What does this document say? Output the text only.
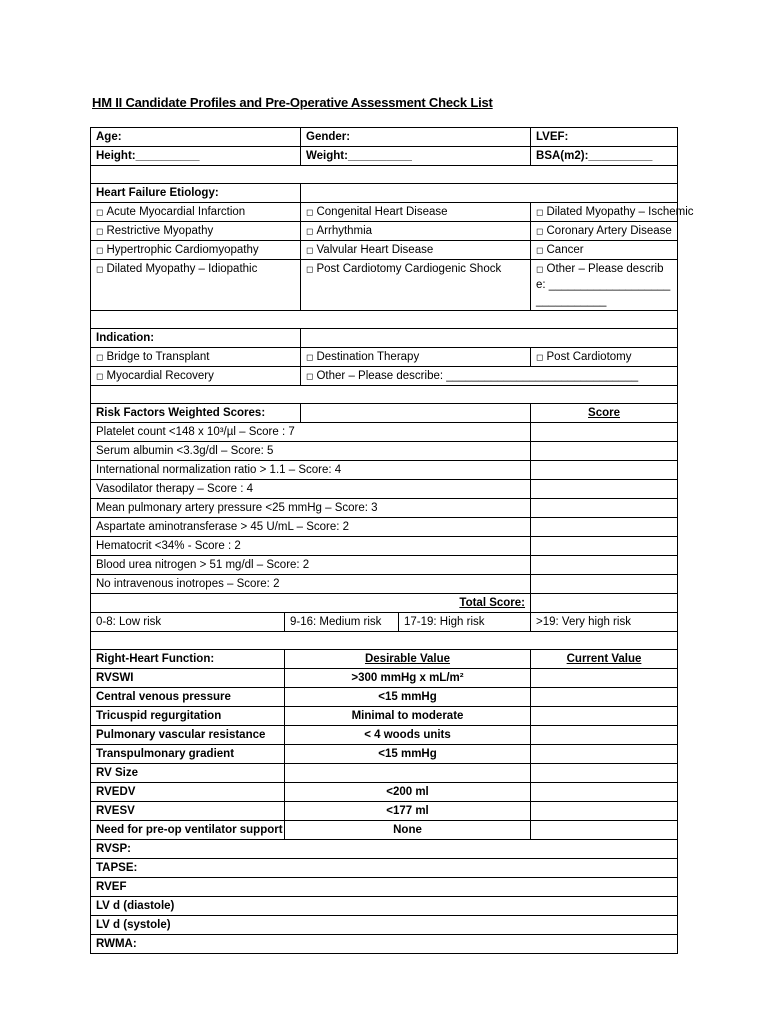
HM II Candidate Profiles and Pre-Operative Assessment Check List
Age:		Gender:		LVEF:
Height:__________		Weight:__________		BSA(m2):__________

Heart Failure Etiology:				
◻ Acute Myocardial Infarction		◻ Congenital Heart Disease		◻ Dilated Myopathy – Ischemic
◻ Restrictive Myopathy		◻ Arrhythmia		◻ Coronary Artery Disease
◻ Hypertrophic Cardiomyopathy		◻ Valvular Heart Disease		◻ Cancer
◻ Dilated Myopathy – Idiopathic		◻ Post Cardiotomy Cardiogenic Shock		◻ Other – Please describe: ______________________________

Indication:				
◻ Bridge to Transplant		◻ Destination Therapy		◻ Post Cardiotomy
◻ Myocardial Recovery		◻ Other – Please describe: ______________________________		

Risk Factors Weighted Scores:				Score
Platelet count <148 x 10³/µl – Score : 7				
Serum albumin <3.3g/dl – Score: 5				
International normalization ratio > 1.1 – Score: 4				
Vasodilator therapy – Score : 4				
Mean pulmonary artery pressure <25 mmHg – Score: 3				
Aspartate aminotransferase > 45 U/mL – Score: 2				
Hematocrit <34% - Score : 2				
Blood urea nitrogen > 51 mg/dl – Score: 2				
No intravenous inotropes – Score: 2				
Total Score:				
0-8: Low risk	9-16: Medium risk		17-19: High risk	>19: Very high risk

Right-Heart Function:	Desirable Value			Current Value
RVSWI	>300 mmHg x mL/m²			
Central venous pressure	<15 mmHg			
Tricuspid regurgitation	Minimal to moderate			
Pulmonary vascular resistance	< 4 woods units			
Transpulmonary gradient	<15 mmHg			
RV Size				
RVEDV	<200 ml			
RVESV	<177 ml			
Need for pre-op ventilator support	None			
RVSP:				
TAPSE:				
RVEF				
LV d (diastole)				
LV d (systole)				
RWMA:				
